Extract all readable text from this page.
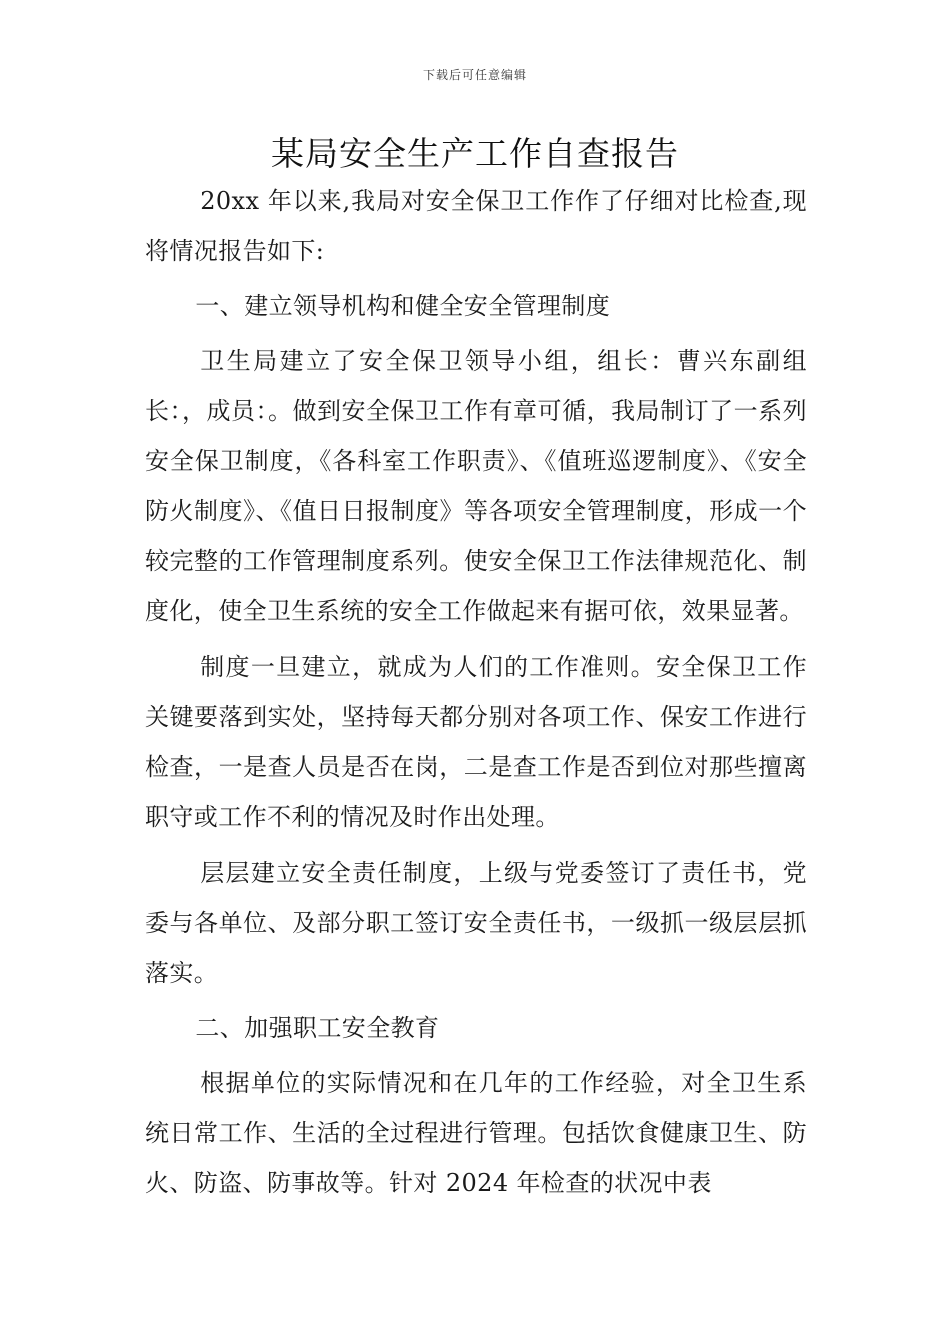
下载后可任意编辑
某局安全生产工作自查报告

20xx 年以来,我局对安全保卫工作作了仔细对比检查,现将情况报告如下:

一、建立领导机构和健全安全管理制度

卫生局建立了安全保卫领导小组，组长：曹兴东副组长：，成员：。做到安全保卫工作有章可循，我局制订了一系列安全保卫制度，《各科室工作职责》、《值班巡逻制度》、《安全防火制度》、《值日日报制度》等各项安全管理制度，形成一个较完整的工作管理制度系列。使安全保卫工作法律规范化、制度化，使全卫生系统的安全工作做起来有据可依，效果显著。

制度一旦建立，就成为人们的工作准则。安全保卫工作关键要落到实处，坚持每天都分别对各项工作、保安工作进行检查，一是查人员是否在岗，二是查工作是否到位对那些擅离职守或工作不利的情况及时作出处理。

层层建立安全责任制度，上级与党委签订了责任书，党委与各单位、及部分职工签订安全责任书，一级抓一级层层抓落实。

二、加强职工安全教育

根据单位的实际情况和在几年的工作经验，对全卫生系统日常工作、生活的全过程进行管理。包括饮食健康卫生、防火、防盗、防事故等。针对 2024 年检查的状况中表
